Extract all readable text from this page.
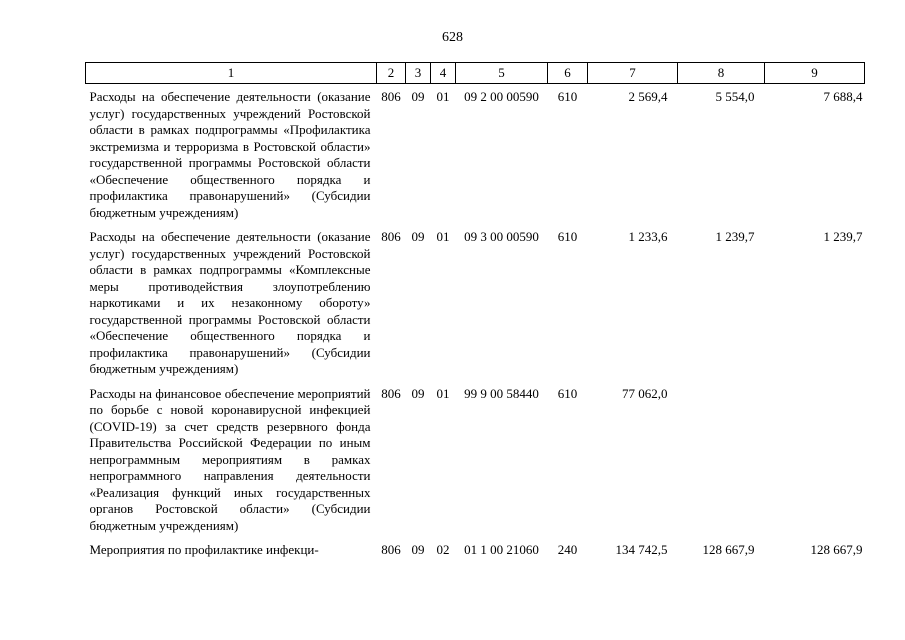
628
1	2	3	4	5	6	7	8	9
Расходы на обеспечение деятельности (оказание услуг) государственных учреждений Ростовской области в рамках подпрограммы «Профилактика экстремизма и терроризма в Ростовской области» государственной программы Ростовской области «Обеспечение общественного порядка и профилактика правонарушений» (Субсидии бюджетным учреждениям)	806	09	01	09 2 00 00590	610	2 569,4	5 554,0	7 688,4
Расходы на обеспечение деятельности (оказание услуг) государственных учреждений Ростовской области в рамках подпрограммы «Комплексные меры противодействия злоупотреблению наркотиками и их незаконному обороту» государственной программы Ростовской области «Обеспечение общественного порядка и профилактика правонарушений» (Субсидии бюджетным учреждениям)	806	09	01	09 3 00 00590	610	1 233,6	1 239,7	1 239,7
Расходы на финансовое обеспечение мероприятий по борьбе с новой коронавирусной инфекцией (COVID-19) за счет средств резервного фонда Правительства Российской Федерации по иным непрограммным мероприятиям в рамках непрограммного направления деятельности «Реализация функций иных государственных органов Ростовской области» (Субсидии бюджетным учреждениям)	806	09	01	99 9 00 58440	610	77 062,0		
Мероприятия по профилактике инфекци-	806	09	02	01 1 00 21060	240	134 742,5	128 667,9	128 667,9
